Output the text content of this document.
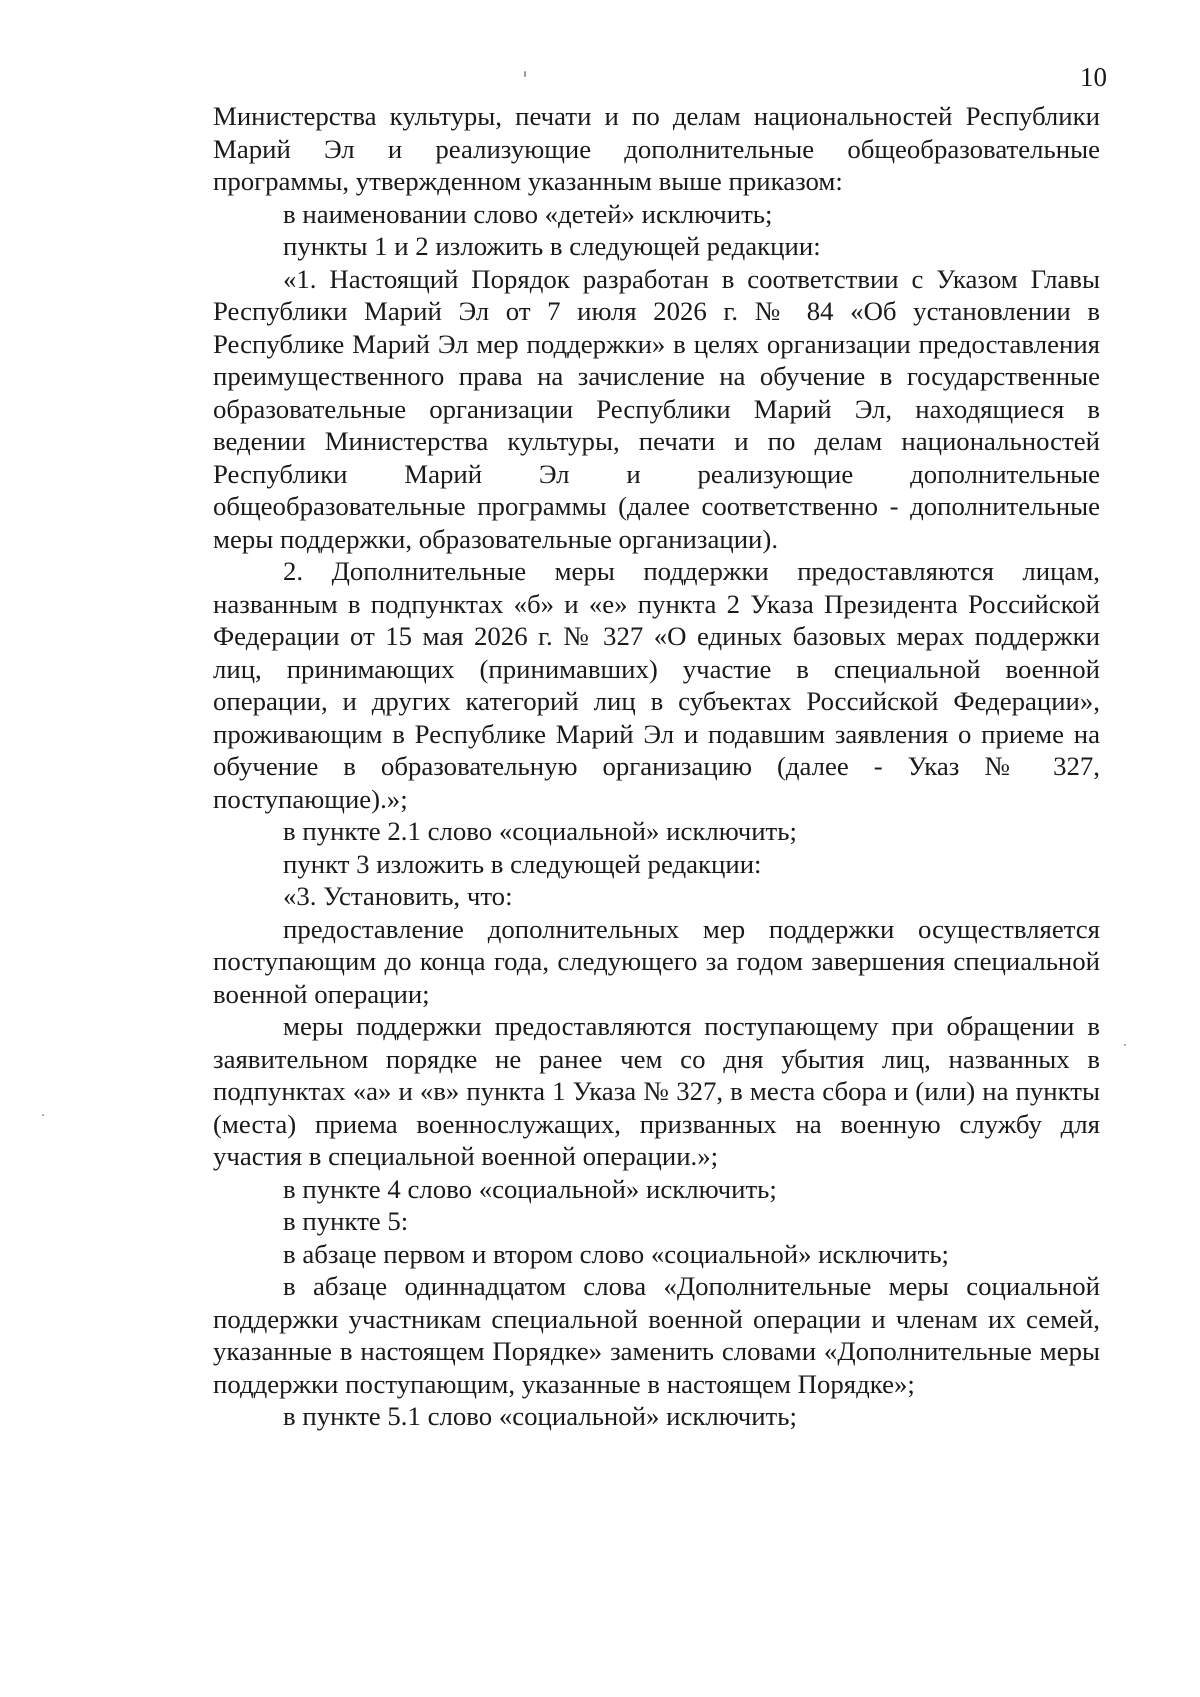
10

Министерства культуры, печати и по делам национальностей Республики Марий Эл и реализующие дополнительные общеобразовательные программы, утвержденном указанным выше приказом:

в наименовании слово «детей» исключить;

пункты 1 и 2 изложить в следующей редакции:

«1. Настоящий Порядок разработан в соответствии с Указом Главы Республики Марий Эл от 7 июля 2026 г. № 84 «Об установлении в Республике Марий Эл мер поддержки» в целях организации предоставления преимущественного права на зачисление на обучение в государственные образовательные организации Республики Марий Эл, находящиеся в ведении Министерства культуры, печати и по делам национальностей Республики Марий Эл и реализующие дополнительные общеобразовательные программы (далее соответственно - дополнительные меры поддержки, образовательные организации).

2. Дополнительные меры поддержки предоставляются лицам, названным в подпунктах «б» и «е» пункта 2 Указа Президента Российской Федерации от 15 мая 2026 г. № 327 «О единых базовых мерах поддержки лиц, принимающих (принимавших) участие в специальной военной операции, и других категорий лиц в субъектах Российской Федерации», проживающим в Республике Марий Эл и подавшим заявления о приеме на обучение в образовательную организацию (далее - Указ № 327, поступающие).»;

в пункте 2.1 слово «социальной» исключить;

пункт 3 изложить в следующей редакции:

«3. Установить, что:

предоставление дополнительных мер поддержки осуществляется поступающим до конца года, следующего за годом завершения специальной военной операции;

меры поддержки предоставляются поступающему при обращении в заявительном порядке не ранее чем со дня убытия лиц, названных в подпунктах «а» и «в» пункта 1 Указа № 327, в места сбора и (или) на пункты (места) приема военнослужащих, призванных на военную службу для участия в специальной военной операции.»;

в пункте 4 слово «социальной» исключить;

в пункте 5:

в абзаце первом и втором слово «социальной» исключить;

в абзаце одиннадцатом слова «Дополнительные меры социальной поддержки участникам специальной военной операции и членам их семей, указанные в настоящем Порядке» заменить словами «Дополнительные меры поддержки поступающим, указанные в настоящем Порядке»;

в пункте 5.1 слово «социальной» исключить;
